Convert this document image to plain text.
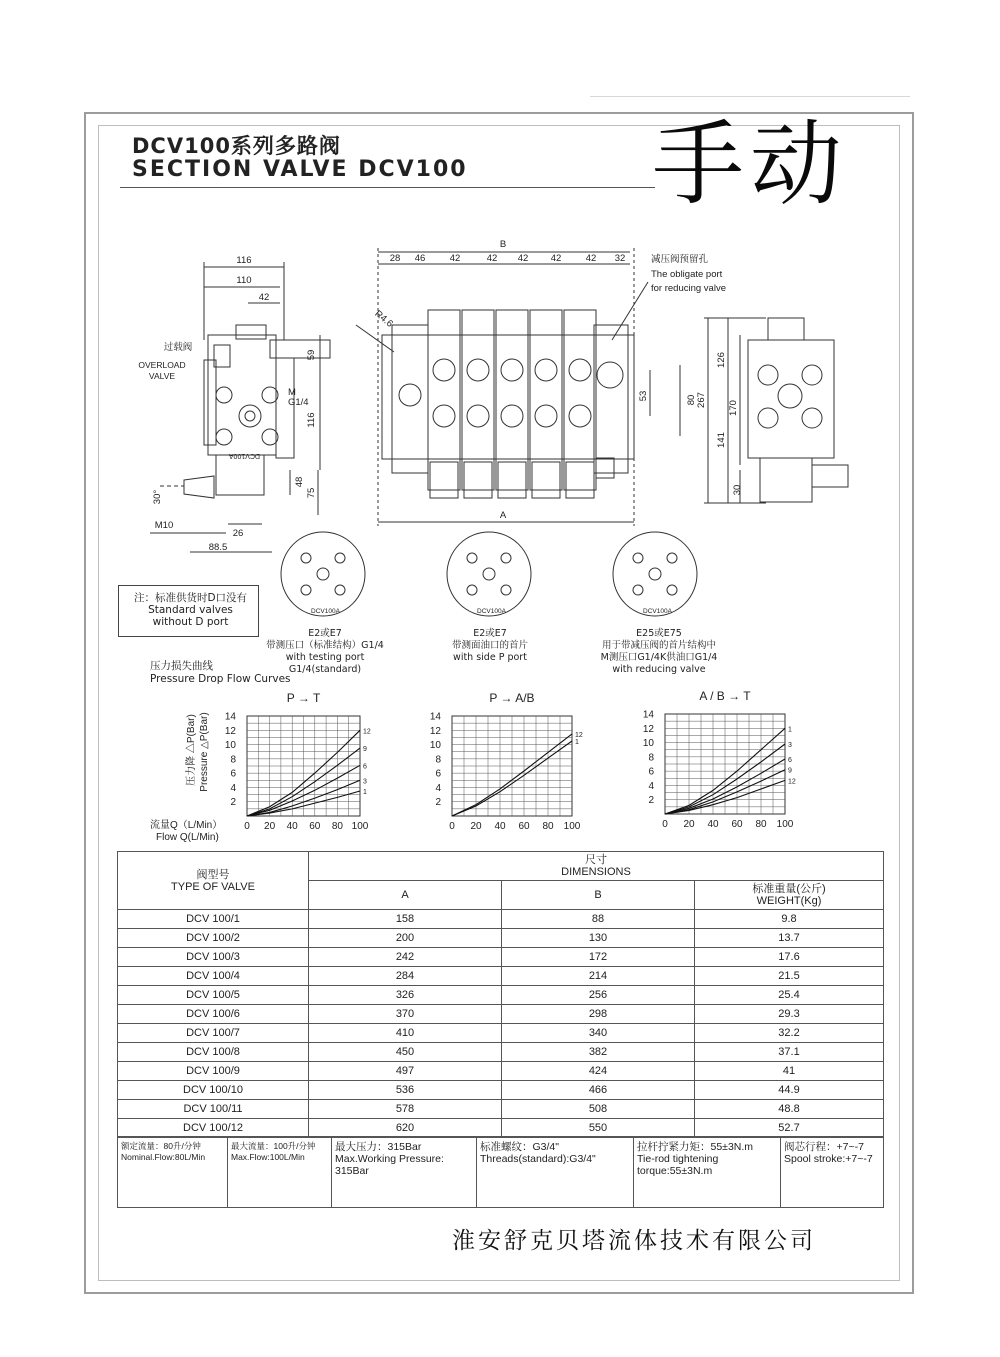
DCV100系列多路阀
SECTION VALVE DCV100 手动
116
110
42
59
116
48
75
30°
M10
26
88.5
M
G1/4
过载阀
OVERLOAD
VALVE
DCV100A
B
28 46	42	42 42 42	42 32
R4.6
53	80
A
减压阀预留孔
The obligate port
for reducing valve
267
126
170
141
30
DCV100A	DCV100A	DCV100A
压力降 △P(Bar) Pressure △P(Bar)
流量Q（L/Min）
Flow Q(L/Min)
0 20 40 60 80 100
2
4
6
8
10
12
14
P → T
12
9
6
3
1
0 20 40 60 80 100
2
4
6
8
10
12
14
P → A/B
12
1
0 20 40 60 80 100
2
4
6
8
10
12
14
A / B → T
1
3
6
9
12
注：标准供货时D口没有
Standard valves
without D port
E2或E7
带测压口（标准结构）G1/4
with testing port G1/4(standard)
E2或E7
带测面油口的首片
with side P port
E25或E75
用于带减压阀的首片结构中
M测压口G1/4K供油口G1/4
with reducing valve
压力损失曲线
Pressure Drop Flow Curves
阀型号
TYPE OF VALVE	尺寸
DIMENSIONS		

	A	B	标准重量(公斤)
WEIGHT(Kg)

DCV 100/1	158	88	9.8
DCV 100/2	200	130	13.7
DCV 100/3	242	172	17.6
DCV 100/4	284	214	21.5
DCV 100/5	326	256	25.4
DCV 100/6	370	298	29.3
DCV 100/7	410	340	32.2
DCV 100/8	450	382	37.1
DCV 100/9	497	424	41
DCV 100/10	536	466	44.9
DCV 100/11	578	508	48.8
DCV 100/12	620	550	52.7
额定流量：80升/分钟
Nominal.Flow:80L/Min

最大流量：100升/分钟
Max.Flow:100L/Min

最大压力：315Bar
Max.Working Pressure:
315Bar

标准螺纹：G3/4"
Threads(standard):G3/4"

拉杆拧紧力矩：55±3N.m
Tie-rod tightening
torque:55±3N.m

阀芯行程：+7~-7
Spool stroke:+7~-7
淮安舒克贝塔流体技术有限公司
